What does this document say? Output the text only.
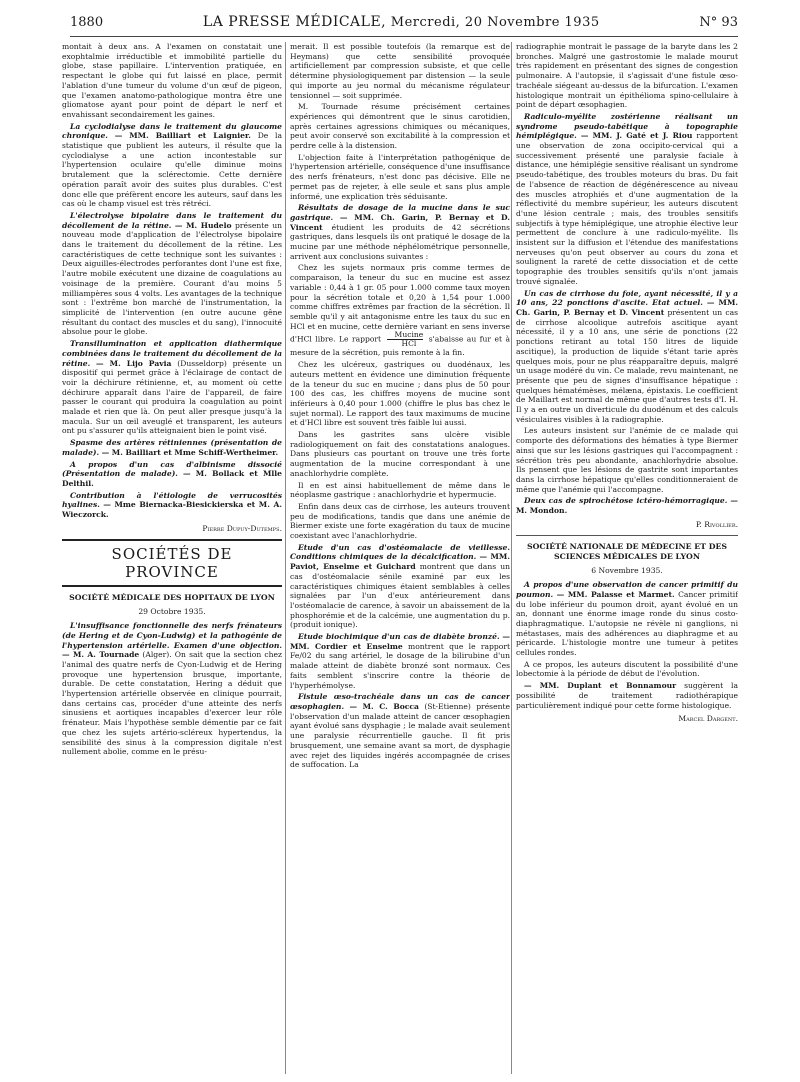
1880	LA PRESSE MÉDICALE, Mercredi, 20 Novembre 1935	N° 93

montait à deux ans. A l'examen on constatait une exophtalmie irréductible et immobilité partielle du globe, stase papillaire. L'intervention pratiquée, en respectant le globe qui fut laissé en place, permit l'ablation d'une tumeur du volume d'un œuf de pigeon, que l'examen anatomo-pathologique montra être une gliomatose ayant pour point de départ le nerf et envahissant secondairement les gaines.

La cyclodialyse dans le traitement du glaucome chronique. — MM. Bailliart et Laignier. De la statistique que publient les auteurs, il résulte que la cyclodialyse a une action incontestable sur l'hypertension oculaire qu'elle diminue moins brutalement que la sclérectomie. Cette dernière opération paraît avoir des suites plus durables. C'est donc elle que préfèrent encore les auteurs, sauf dans les cas où le champ visuel est très rétréci.

L'électrolyse bipolaire dans le traitement du décollement de la rétine. — M. Hudelo présente un nouveau mode d'application de l'électrolyse bipolaire dans le traitement du décollement de la rétine. Les caractéristiques de cette technique sont les suivantes : Deux aiguilles-électrodes perforantes dont l'une est fixe, l'autre mobile exécutent une dizaine de coagulations au voisinage de la première. Courant d'au moins 5 milliampères sous 4 volts. Les avantages de la technique sont : l'extrême bon marché de l'instrumentation, la simplicité de l'intervention (en outre aucune gêne résultant du contact des muscles et du sang), l'innocuité absolue pour le globe.

Transillumination et application diathermique combinées dans le traitement du décollement de la rétine. — M. Lijo Pavia (Dusseldorp) présente un dispositif qui permet grâce à l'éclairage de contact de voir la déchirure rétinienne, et, au moment où cette déchirure apparaît dans l'aire de l'appareil, de faire passer le courant qui produira la coagulation au point malade et rien que là. On peut aller presque jusqu'à la macula. Sur un œil aveuglé et transparent, les auteurs ont pu s'assurer qu'ils atteignaient bien le point visé.

Spasme des artères rétiniennes (présentation de malade). — M. Bailliart et Mme Schiff-Wertheimer.

A propos d'un cas d'albinisme dissocié (Présentation de malade). — M. Bollack et Mlle Delthil.

Contribution à l'étiologie de verrucosités hyalines. — Mme Biernacka-Biesickierska et M. A. Wieczorck.

Pierre Dupuy-Dutemps.

SOCIÉTÉS DE PROVINCE

SOCIÉTÉ MÉDICALE DES HOPITAUX DE LYON

29 Octobre 1935.

L'insuffisance fonctionnelle des nerfs frénateurs (de Hering et de Cyon-Ludwig) et la pathogénie de l'hypertension artérielle. Examen d'une objection. — M. A. Tournade (Alger). On sait que la section chez l'animal des quatre nerfs de Cyon-Ludwig et de Hering provoque une hypertension brusque, importante, durable. De cette constatation, Hering a déduit que l'hypertension artérielle observée en clinique pourrait, dans certains cas, procéder d'une atteinte des nerfs sinusiens et aortiques incapables d'exercer leur rôle frénateur. Mais l'hypothèse semble démentie par ce fait que chez les sujets artério-scléreux hypertendus, la sensibilité des sinus à la compression digitale n'est nullement abolie, comme en le présu-

merait. Il est possible toutefois (la remarque est de Heymans) que cette sensibilité provoquée artificiellement par compression subsiste, et que celle détermine physiologiquement par distension — la seule qui importe au jeu normal du mécanisme régulateur tensionnel — soit supprimée.

M. Tournade résume précisément certaines expériences qui démontrent que le sinus carotidien, après certaines agressions chimiques ou mécaniques, peut avoir conservé son excitabilité à la compression et perdre celle à la distension.

L'objection faite à l'interprétation pathogénique de l'hypertension artérielle, conséquence d'une insuffisance des nerfs frénateurs, n'est donc pas décisive. Elle ne permet pas de rejeter, à elle seule et sans plus ample informé, une explication très séduisante.

Résultats de dosage de la mucine dans le suc gastrique. — MM. Ch. Garin, P. Bernay et D. Vincent étudient les produits de 42 sécrétions gastriques, dans lesquels ils ont pratiqué le dosage de la mucine par une méthode néphélométrique personnelle, arrivent aux conclusions suivantes :

Chez les sujets normaux pris comme termes de comparaison, la teneur du suc en mucine est assez variable : 0,44 à 1 gr. 05 pour 1.000 comme taux moyen pour la sécrétion totale et 0,20 à 1,54 pour 1.000 comme chiffres extrêmes par fraction de la sécrétion. Il semble qu'il y ait antagonisme entre les taux du suc en HCl et en mucine, cette dernière variant en sens inverse d'HCl libre. Le rapport $\frac{\text{Mucine}}{\text{HCl}}$ s'abaisse au fur et à mesure de la sécrétion, puis remonte à la fin.

Chez les ulcéreux, gastriques ou duodénaux, les auteurs mettent en évidence une diminution fréquente de la teneur du suc en mucine ; dans plus de 50 pour 100 des cas, les chiffres moyens de mucine sont inférieurs à 0,40 pour 1.000 (chiffre le plus bas chez le sujet normal). Le rapport des taux maximums de mucine et d'HCl libre est souvent très faible lui aussi.

Dans les gastrites sans ulcère visible radiologiquement on fait des constatations analogues. Dans plusieurs cas pourtant on trouve une très forte augmentation de la mucine correspondant à une anachlorhydrie complète.

Il en est ainsi habituellement de même dans le néoplasme gastrique : anachlorhydrie et hypermucie.

Enfin dans deux cas de cirrhose, les auteurs trouvent peu de modifications, tandis que dans une anémie de Biermer existe une forte exagération du taux de mucine coexistant avec l'anachlorhydrie.

Etude d'un cas d'ostéomalacie de vieillesse. Conditions chimiques de la décalcification. — MM. Paviot, Enselme et Guichard montrent que dans un cas d'ostéomalacie sénile examiné par eux les caractéristiques chimiques étaient semblables à celles signalées par l'un d'eux antérieurement dans l'ostéomalacie de carence, à savoir un abaissement de la phosphorémie et de la calcémie, une augmentation du p. (produit ionique).

Etude biochimique d'un cas de diabète bronzé. — MM. Cordier et Enselme montrent que le rapport Fe/02 du sang artériel, le dosage de la bilirubine d'un malade atteint de diabète bronzé sont normaux. Ces faits semblent s'inscrire contre la théorie de l'hyperhémolyse.

Fistule œso-trachéale dans un cas de cancer œsophagien. — M. C. Bocca (St-Etienne) présente l'observation d'un malade atteint de cancer œsophagien ayant évolué sans dysphagie ; le malade avait seulement une paralysie récurrentielle gauche. Il fit pris brusquement, une semaine avant sa mort, de dysphagie avec rejet des liquides ingérés accompagnée de crises de suffocation. La

radiographie montrait le passage de la baryte dans les 2 bronches. Malgré une gastrostomie le malade mourut très rapidement en présentant des signes de congestion pulmonaire. A l'autopsie, il s'agissait d'une fistule œso-trachéale siégeant au-dessus de la bifurcation. L'examen histologique montrait un épithélioma spino-cellulaire à point de départ œsophagien.

Radiculo-myélite zostérienne réalisant un syndrome pseudo-tabétique à topographie hémiplégique. — MM. J. Gaté et J. Riou rapportent une observation de zona occipito-cervical qui a successivement présenté une paralysie faciale à distance, une hémiplégie sensitive réalisant un syndrome pseudo-tabétique, des troubles moteurs du bras. Du fait de l'absence de réaction de dégénérescence au niveau des muscles atrophiés et d'une augmentation de la réflectivité du membre supérieur, les auteurs discutent d'une lésion centrale ; mais, des troubles sensitifs subjectifs à type hémiplégique, une atrophie élective leur permettent de conclure à une radiculo-myélite. Ils insistent sur la diffusion et l'étendue des manifestations nerveuses qu'on peut observer au cours du zona et soulignent la rareté de cette dissociation et de cette topographie des troubles sensitifs qu'ils n'ont jamais trouvé signalée.

Un cas de cirrhose du foie, ayant nécessité, il y a 10 ans, 22 ponctions d'ascite. Etat actuel. — MM. Ch. Garin, P. Bernay et D. Vincent présentent un cas de cirrhose alcoolique autrefois ascitique ayant nécessité, il y a 10 ans, une série de ponctions (22 ponctions retirant au total 150 litres de liquide ascitique), la production de liquide s'étant tarie après quelques mois, pour ne plus réapparaître depuis, malgré un usage modéré du vin. Ce malade, revu maintenant, ne présente que peu de signes d'insuffisance hépatique : quelques hématémèses, mélæna, épistaxis. Le coefficient de Maillart est normal de même que d'autres tests d'I. H. Il y a en outre un diverticule du duodénum et des calculs vésiculaires visibles à la radiographie.

Les auteurs insistent sur l'anémie de ce malade qui comporte des déformations des hématies à type Biermer ainsi que sur les lésions gastriques qui l'accompagnent : sécrétion très peu abondante, anachlorhydrie absolue. Ils pensent que les lésions de gastrite sont importantes dans la cirrhose hépatique qu'elles conditionneraient de même que l'anémie qui l'accompagne.

Deux cas de spirochétose ictéro-hémorragique. — M. Mondon.

P. Rivollier.

SOCIÉTÉ NATIONALE DE MÉDECINE ET DES SCIENCES MÉDICALES DE LYON

6 Novembre 1935.

A propos d'une observation de cancer primitif du poumon. — MM. Palasse et Marmet. Cancer primitif du lobe inférieur du poumon droit, ayant évolué en un an, donnant une énorme image ronde du sinus costo-diaphragmatique. L'autopsie ne révèle ni ganglions, ni métastases, mais des adhérences au diaphragme et au péricarde. L'histologie montre une tumeur à petites cellules rondes.

A ce propos, les auteurs discutent la possibilité d'une lobectomie à la période de début de l'évolution.

— MM. Duplant et Bonnamour suggèrent la possibilité de traitement radiothérapique particulièrement indiqué pour cette forme histologique.

Marcel Dargent.
